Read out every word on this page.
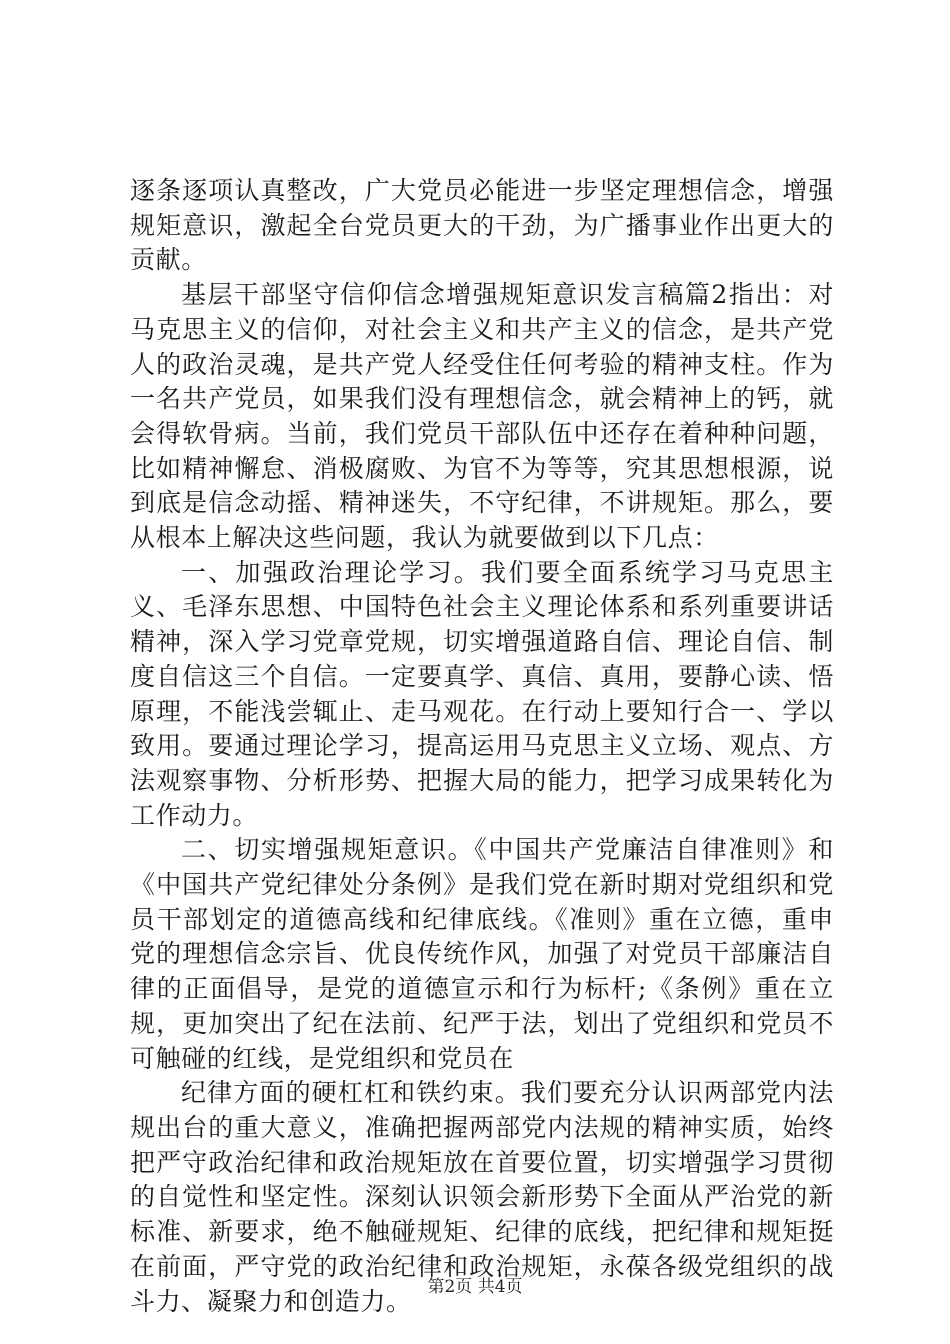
逐条逐项认真整改，广大党员必能进一步坚定理想信念，增强规矩意识，激起全台党员更大的干劲，为广播事业作出更大的贡献。

基层干部坚守信仰信念增强规矩意识发言稿篇2指出：对马克思主义的信仰，对社会主义和共产主义的信念，是共产党人的政治灵魂，是共产党人经受住任何考验的精神支柱。作为一名共产党员，如果我们没有理想信念，就会精神上的钙，就会得软骨病。当前，我们党员干部队伍中还存在着种种问题，比如精神懈怠、消极腐败、为官不为等等，究其思想根源，说到底是信念动摇、精神迷失，不守纪律，不讲规矩。那么，要从根本上解决这些问题，我认为就要做到以下几点：

一、加强政治理论学习。我们要全面系统学习马克思主义、毛泽东思想、中国特色社会主义理论体系和系列重要讲话精神，深入学习党章党规，切实增强道路自信、理论自信、制度自信这三个自信。一定要真学、真信、真用，要静心读、悟原理，不能浅尝辄止、走马观花。在行动上要知行合一、学以致用。要通过理论学习，提高运用马克思主义立场、观点、方法观察事物、分析形势、把握大局的能力，把学习成果转化为工作动力。

二、切实增强规矩意识。《中国共产党廉洁自律准则》和《中国共产党纪律处分条例》是我们党在新时期对党组织和党员干部划定的道德高线和纪律底线。《准则》重在立德，重申党的理想信念宗旨、优良传统作风，加强了对党员干部廉洁自律的正面倡导，是党的道德宣示和行为标杆;《条例》重在立规，更加突出了纪在法前、纪严于法，划出了党组织和党员不可触碰的红线，是党组织和党员在

纪律方面的硬杠杠和铁约束。我们要充分认识两部党内法规出台的重大意义，准确把握两部党内法规的精神实质，始终把严守政治纪律和政治规矩放在首要位置，切实增强学习贯彻的自觉性和坚定性。深刻认识领会新形势下全面从严治党的新标准、新要求，绝不触碰规矩、纪律的底线，把纪律和规矩挺在前面，严守党的政治纪律和政治规矩，永葆各级党组织的战斗力、凝聚力和创造力。 第2页 共4页
